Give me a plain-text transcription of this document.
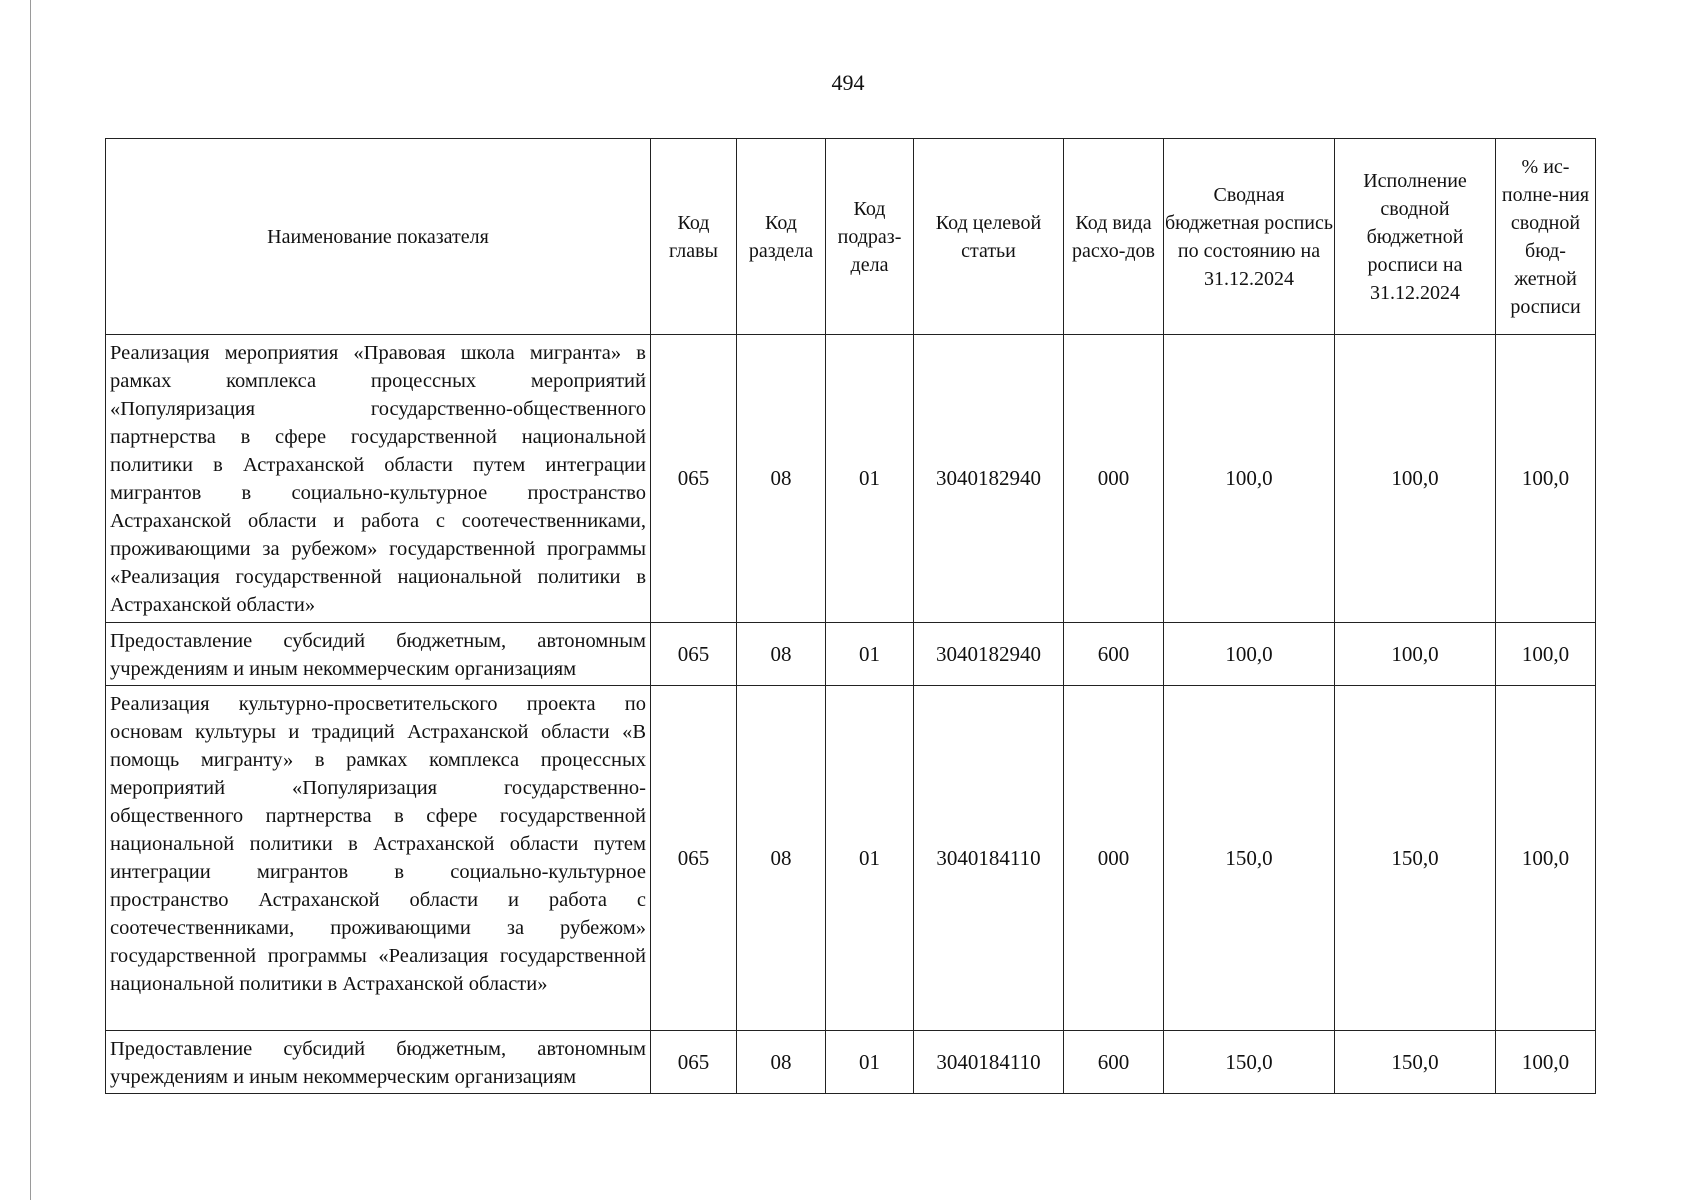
494
Наименование показателя	Код главы	Код раздела	Код подраз-дела	Код целевой статьи	Код вида расхо-дов	Сводная бюджетная роспись по состоянию на 31.12.2024	Исполнение сводной бюджетной росписи на 31.12.2024	% ис-полне-ния сводной бюд-жетной росписи
Реализация мероприятия «Правовая школа мигранта» в рамках комплекса процессных мероприятий «Популяризация государственно-общественного партнерства в сфере государственной национальной политики в Астраханской области путем интеграции мигрантов в социально-культурное пространство Астраханской области и работа с соотечественниками, проживающими за рубежом» государственной программы «Реализация государственной национальной политики в Астраханской области»	065	08	01	3040182940	000	100,0	100,0	100,0
Предоставление субсидий бюджетным, автономным учреждениям и иным некоммерческим организациям	065	08	01	3040182940	600	100,0	100,0	100,0
Реализация культурно-просветительского проекта по основам культуры и традиций Астраханской области «В помощь мигранту» в рамках комплекса процессных мероприятий «Популяризация государственно-общественного партнерства в сфере государственной национальной политики в Астраханской области путем интеграции мигрантов в социально-культурное пространство Астраханской области и работа с соотечественниками, проживающими за рубежом» государственной программы «Реализация государственной национальной политики в Астраханской области»	065	08	01	3040184110	000	150,0	150,0	100,0
Предоставление субсидий бюджетным, автономным учреждениям и иным некоммерческим организациям	065	08	01	3040184110	600	150,0	150,0	100,0
